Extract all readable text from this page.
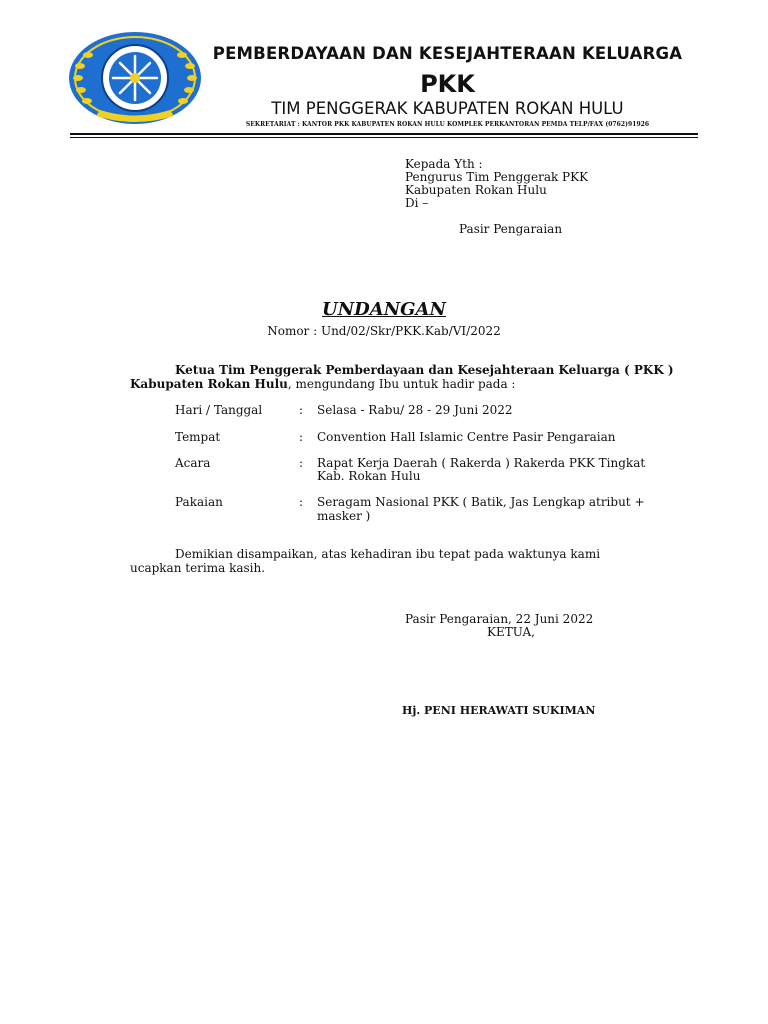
PEMBERDAYAAN DAN KESEJAHTERAAN KELUARGA
PKK
TIM PENGGERAK KABUPATEN ROKAN HULU
SEKRETARIAT : KANTOR PKK KABUPATEN ROKAN HULU KOMPLEK PERKANTORAN PEMDA TELP/FAX (0762)91926
Kepada Yth :
Pengurus Tim Penggerak PKK
Kabupaten Rokan Hulu
Di –
Pasir Pengaraian
UNDANGAN
Nomor : Und/02/Skr/PKK.Kab/VI/2022
Ketua Tim Penggerak Pemberdayaan dan Kesejahteraan Keluarga ( PKK )
Kabupaten Rokan Hulu, mengundang Ibu untuk hadir pada :
Hari / Tanggal	: Selasa - Rabu/ 28 - 29 Juni 2022
Tempat	: Convention Hall Islamic Centre Pasir Pengaraian
Acara	: Rapat Kerja Daerah ( Rakerda ) Rakerda PKK Tingkat
Kab. Rokan Hulu
Pakaian	: Seragam Nasional PKK ( Batik, Jas Lengkap atribut +
masker )
Demikian disampaikan, atas kehadiran ibu tepat pada waktunya kami
ucapkan terima kasih.
Pasir Pengaraian, 22 Juni 2022
KETUA,
Hj. PENI HERAWATI SUKIMAN
